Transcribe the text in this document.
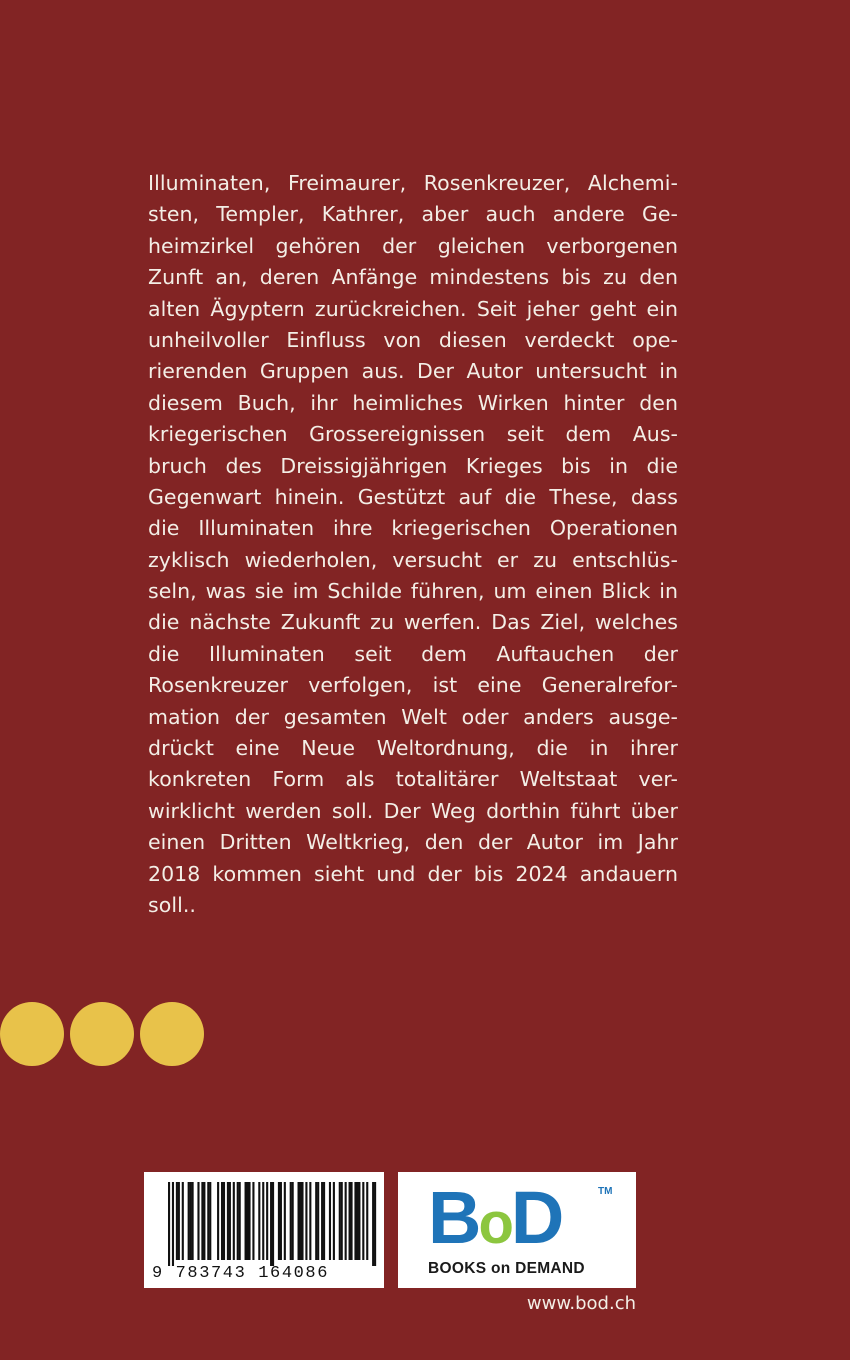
Illuminaten, Freimaurer, Rosenkreuzer, Alchemi-
sten, Templer, Kathrer, aber auch andere Ge-
heimzirkel gehören der gleichen verborgenen
Zunft an, deren Anfänge mindestens bis zu den
alten Ägyptern zurückreichen. Seit jeher geht ein
unheilvoller Einfluss von diesen verdeckt ope-
rierenden Gruppen aus. Der Autor untersucht in
diesem Buch, ihr heimliches Wirken hinter den
kriegerischen Grossereignissen seit dem Aus-
bruch des Dreissigjährigen Krieges bis in die
Gegenwart hinein. Gestützt auf die These, dass
die Illuminaten ihre kriegerischen Operationen
zyklisch wiederholen, versucht er zu entschlüs-
seln, was sie im Schilde führen, um einen Blick in
die nächste Zukunft zu werfen. Das Ziel, welches
die Illuminaten seit dem Auftauchen der
Rosenkreuzer verfolgen, ist eine Generalrefor-
mation der gesamten Welt oder anders ausge-
drückt eine Neue Weltordnung, die in ihrer
konkreten Form als totalitärer Weltstaat ver-
wirklicht werden soll. Der Weg dorthin führt über
einen Dritten Weltkrieg, den der Autor im Jahr
2018 kommen sieht und der bis 2024 andauern
soll..
9 783743 164086
BoD	TM
BOOKS on DEMAND
www.bod.ch
